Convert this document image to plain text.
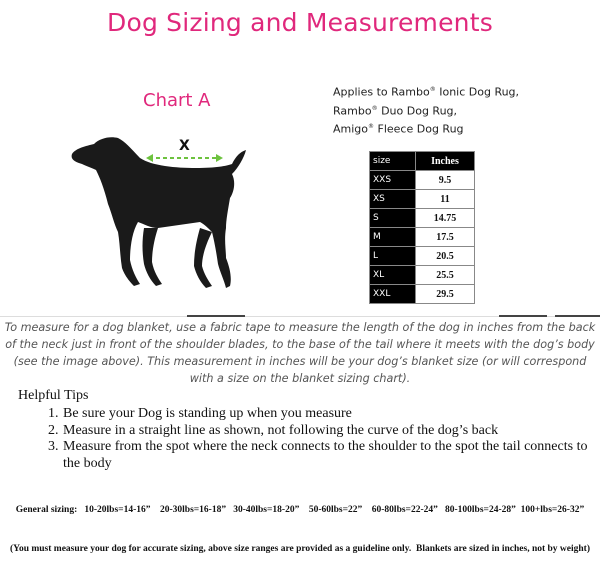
Dog Sizing and Measurements
Chart A
X
Applies to Rambo® Ionic Dog Rug,
Rambo® Duo Dog Rug,
Amigo® Fleece Dog Rug
size	Inches
XXS	9.5
XS	11
S	14.75
M	17.5
L	20.5
XL	25.5
XXL	29.5
To measure for a dog blanket, use a fabric tape to measure the length of the dog in inches from the back of the neck just in front of the shoulder blades, to the base of the tail where it meets with the dog’s body (see the image above). This measurement in inches will be your dog’s blanket size (or will correspond with a size on the blanket sizing chart).
Helpful Tips
1. Be sure your Dog is standing up when you measure
2. Measure in a straight line as shown, not following the curve of the dog’s back
3. Measure from the spot where the neck connects to the shoulder to the spot the tail connects to the body

General sizing:   10-20lbs=14-16”    20-30lbs=16-18”   30-40lbs=18-20”    50-60lbs=22”    60-80lbs=22-24”   80-100lbs=24-28”  100+lbs=26-32”

(You must measure your dog for accurate sizing, above size ranges are provided as a guideline only.  Blankets are sized in inches, not by weight)
